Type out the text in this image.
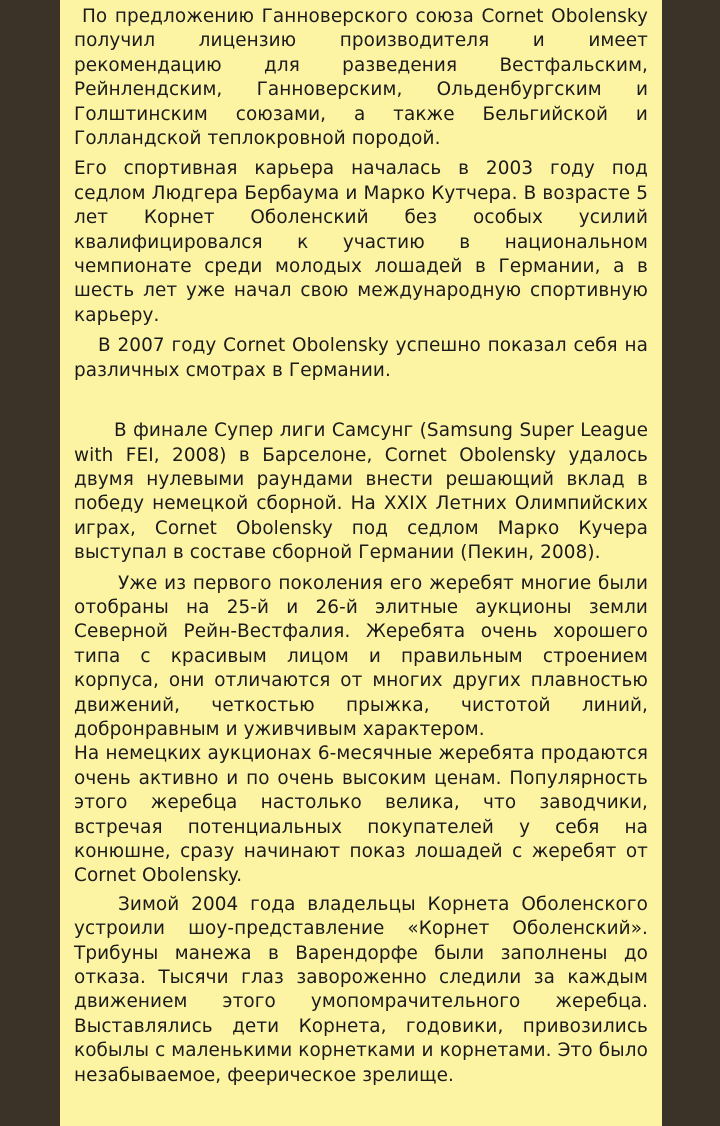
По предложению Ганноверского союза Cornet Obolensky получил лицензию производителя и имеет рекомендацию для разведения Вестфальским, Рейнлендским, Ганноверским, Ольденбургским и Голштинским союзами, а также Бельгийской и Голландской теплокровной породой.

Его спортивная карьера началась в 2003 году под седлом Людгера Бербаума и Марко Кутчера. В возрасте 5 лет Корнет Оболенский без особых усилий квалифицировался к участию в национальном чемпионате среди молодых лошадей в Германии, а в шесть лет уже начал свою международную спортивную карьеру.

В 2007 году Cornet Obolensky успешно показал себя на различных смотрах в Германии.

В финале Супер лиги Самсунг (Samsung Super League with FEI, 2008) в Барселоне, Cornet Obolensky удалось двумя нулевыми раундами внести решающий вклад в победу немецкой сборной. На XXIX Летних Олимпийских играх, Cornet Obolensky под седлом Марко Кучера выступал в составе сборной Германии (Пекин, 2008).

Уже из первого поколения его жеребят многие были отобраны на 25-й и 26-й элитные аукционы земли Северной Рейн-Вестфалия. Жеребята очень хорошего типа с красивым лицом и правильным строением корпуса, они отличаются от многих других плавностью движений, четкостью прыжка, чистотой линий, добронравным и уживчивым характером.

На немецких аукционах 6-месячные жеребята продаются очень активно и по очень высоким ценам. Популярность этого жеребца настолько велика, что заводчики, встречая потенциальных покупателей у себя на конюшне, сразу начинают показ лошадей с жеребят от Cornet Obolensky.

Зимой 2004 года владельцы Корнета Оболенского устроили шоу-представление «Корнет Оболенский». Трибуны манежа в Варендорфе были заполнены до отказа. Тысячи глаз завороженно следили за каждым движением этого умопомрачительного жеребца. Выставлялись дети Корнета, годовики, привозились кобылы с маленькими корнетками и корнетами. Это было незабываемое, феерическое зрелище.
